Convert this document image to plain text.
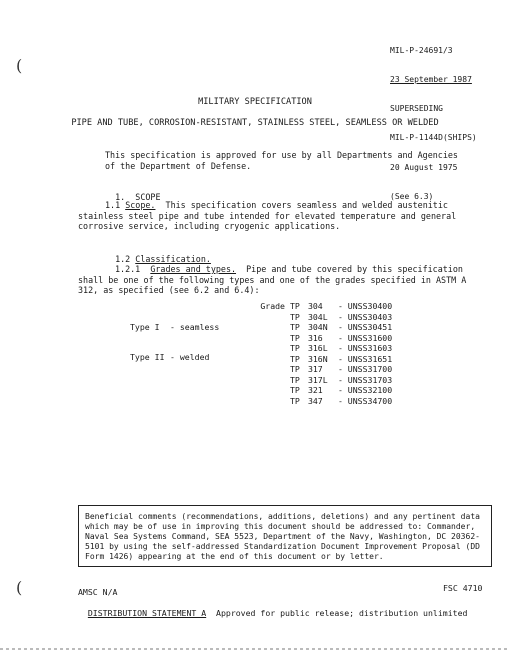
(
(

MIL-P-24691/3

23 September 1987

SUPERSEDING

MIL-P-1144D(SHIPS)

20 August 1975

(See 6.3)

MILITARY SPECIFICATION
PIPE AND TUBE, CORROSION-RESISTANT, STAINLESS STEEL, SEAMLESS OR WELDED
This specification is approved for use by all Departments and Agencies of the Department of Defense.

1. SCOPE

1.1 Scope. This specification covers seamless and welded austenitic stainless steel pipe and tube intended for elevated temperature and general corrosive service, including cryogenic applications.

1.2 Classification.

1.2.1 Grades and types. Pipe and tube covered by this specification shall be one of the following types and one of the grades specified in ASTM A 312, as specified (see 6.2 and 6.4):

Type I - seamless

Type II - welded

Grade TP 304 - UNSS30400
TP 304L - UNSS30403
TP 304N - UNSS30451
TP 316 - UNSS31600
TP 316L - UNSS31603
TP 316N - UNSS31651
TP 317 - UNSS31700
TP 317L - UNSS31703
TP 321 - UNSS32100
TP 347 - UNSS34700
Beneficial comments (recommendations, additions, deletions) and any pertinent data which may be of use in improving this document should be addressed to: Commander, Naval Sea Systems Command, SEA 5523, Department of the Navy, Washington, DC 20362-5101 by using the self-addressed Standardization Document Improvement Proposal (DD Form 1426) appearing at the end of this document or by letter.
AMSC N/A	FSC 4710

DISTRIBUTION STATEMENT A Approved for public release; distribution unlimited
